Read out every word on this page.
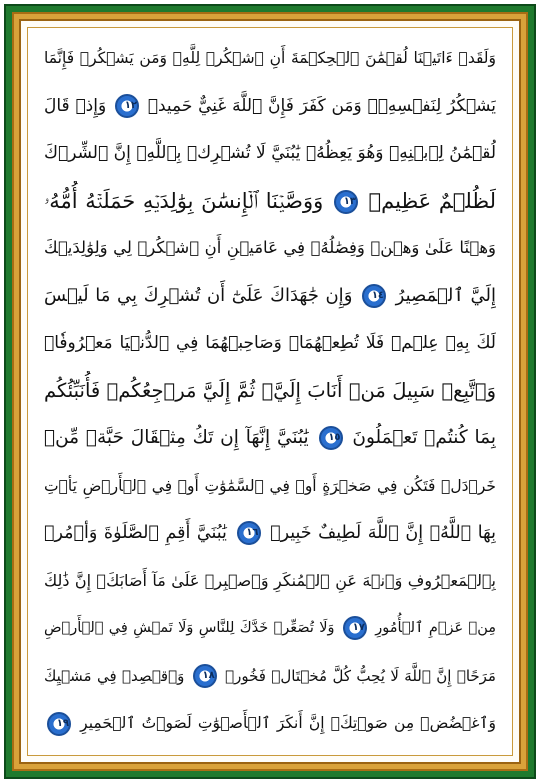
وَلَقَدۡ ءَاتَيۡنَا لُقۡمَٰنَ ٱلۡحِكۡمَةَ أَنِ ٱشۡكُرۡ لِلَّهِۚ وَمَن يَشۡكُرۡ فَإِنَّمَا
يَشۡكُرُ لِنَفۡسِهِۦۖ وَمَن كَفَرَ فَإِنَّ ٱللَّهَ غَنِيٌّ حَمِيدٞ ١٢ وَإِذۡ قَالَ
لُقۡمَٰنُ لِٱبۡنِهِۦ وَهُوَ يَعِظُهُۥ يَٰبُنَيَّ لَا تُشۡرِكۡ بِٱللَّهِۖ إِنَّ ٱلشِّرۡكَ
لَظُلۡمٌ عَظِيمٞ ١٣ وَوَصَّيۡنَا ٱلۡإِنسَٰنَ بِوَٰلِدَيۡهِ حَمَلَتۡهُ أُمُّهُۥ
وَهۡنًا عَلَىٰ وَهۡنٖ وَفِصَٰلُهُۥ فِي عَامَيۡنِ أَنِ ٱشۡكُرۡ لِي وَلِوَٰلِدَيۡكَ
إِلَيَّ ٱلۡمَصِيرُ ١٤ وَإِن جَٰهَدَاكَ عَلَىٰٓ أَن تُشۡرِكَ بِي مَا لَيۡسَ
لَكَ بِهِۦ عِلۡمٞ فَلَا تُطِعۡهُمَاۖ وَصَاحِبۡهُمَا فِي ٱلدُّنۡيَا مَعۡرُوفٗاۖ
وَٱتَّبِعۡ سَبِيلَ مَنۡ أَنَابَ إِلَيَّۚ ثُمَّ إِلَيَّ مَرۡجِعُكُمۡ فَأُنَبِّئُكُم
بِمَا كُنتُمۡ تَعۡمَلُونَ ١٥ يَٰبُنَيَّ إِنَّهَآ إِن تَكُ مِثۡقَالَ حَبَّةٖ مِّنۡ
خَرۡدَلٖ فَتَكُن فِي صَخۡرَةٍ أَوۡ فِي ٱلسَّمَٰوَٰتِ أَوۡ فِي ٱلۡأَرۡضِ يَأۡتِ
بِهَا ٱللَّهُۚ إِنَّ ٱللَّهَ لَطِيفٌ خَبِيرٞ ١٦ يَٰبُنَيَّ أَقِمِ ٱلصَّلَوٰةَ وَأۡمُرۡ
بِٱلۡمَعۡرُوفِ وَٱنۡهَ عَنِ ٱلۡمُنكَرِ وَٱصۡبِرۡ عَلَىٰ مَآ أَصَابَكَۖ إِنَّ ذَٰلِكَ
مِنۡ عَزۡمِ ٱلۡأُمُورِ ١٧ وَلَا تُصَعِّرۡ خَدَّكَ لِلنَّاسِ وَلَا تَمۡشِ فِي ٱلۡأَرۡضِ
مَرَحًاۖ إِنَّ ٱللَّهَ لَا يُحِبُّ كُلَّ مُخۡتَالٖ فَخُورٖ ١٨ وَٱقۡصِدۡ فِي مَشۡيِكَ
وَٱغۡضُضۡ مِن صَوۡتِكَۚ إِنَّ أَنكَرَ ٱلۡأَصۡوَٰتِ لَصَوۡتُ ٱلۡحَمِيرِ ١٩
